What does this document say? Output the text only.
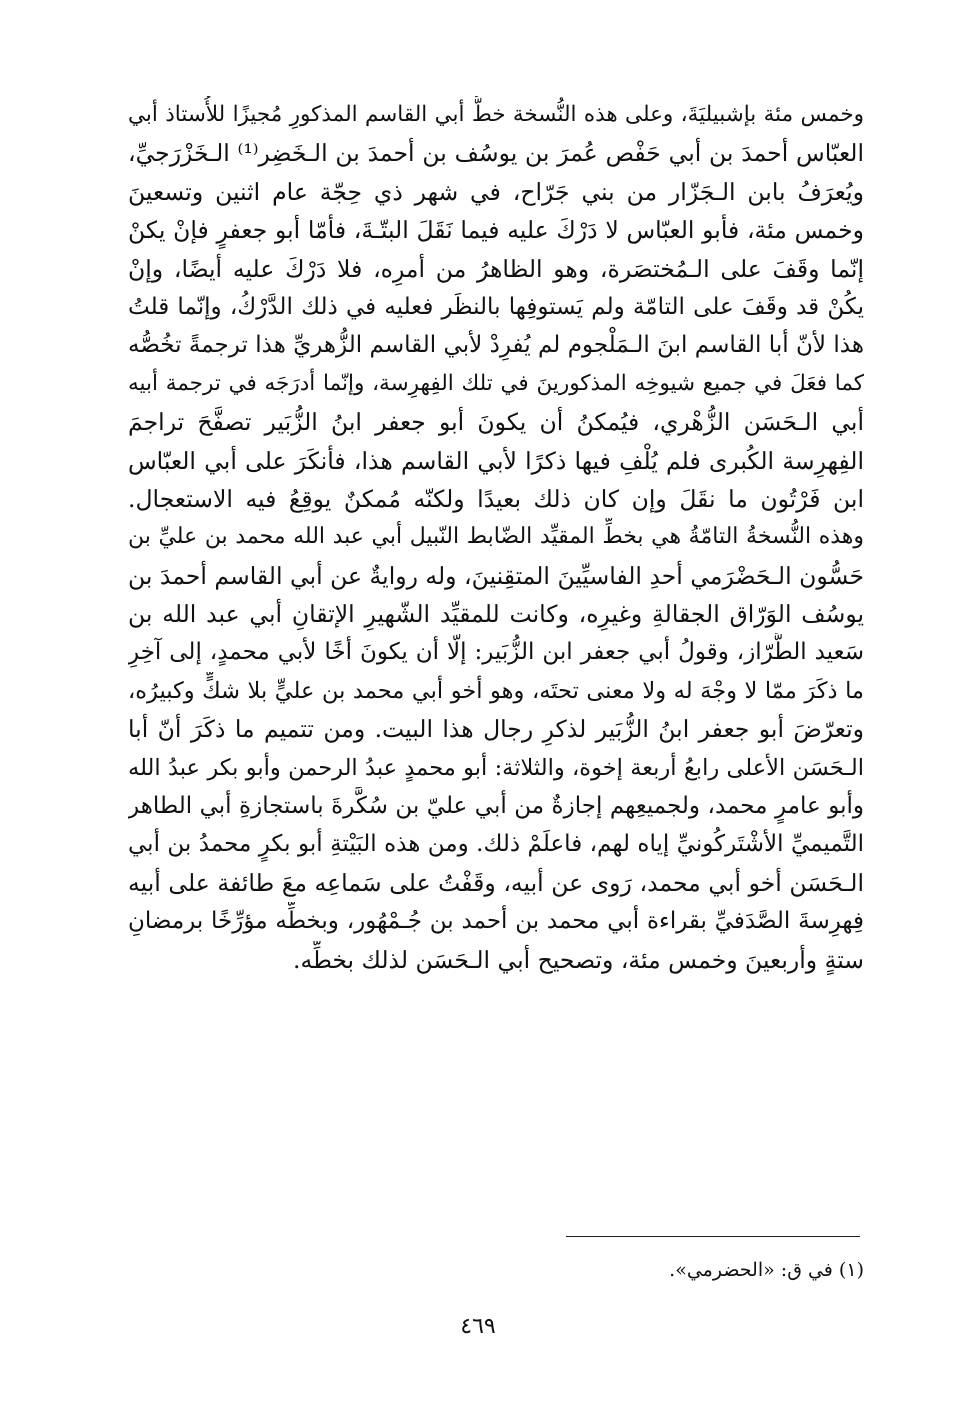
وخمس مئة بإشبيليَةَ، وعلى هذه النُّسخة خطُّ أبي القاسم المذكورِ مُجيزًا للأُستاذ أبي
العبّاس أحمدَ بن أبي حَفْص عُمرَ بن يوسُف بن أحمدَ بن الـخَضِر⁽¹⁾ الـخَزْرَجيِّ،
ويُعرَفُ بابن الـجَزّار من بني جَرّاح، في شهر ذي حِجّة عام اثنين وتسعينَ
وخمس مئة، فأبو العبّاس لا دَرْكَ عليه فيما نَقَلَ البتّـةَ، فأمّا أبو جعفرٍ فإنْ يكنْ
إنّما وقَفَ على الـمُختصَرة، وهو الظاهرُ من أمرِه، فلا دَرْكَ عليه أيضًا، وإنْ
يكُنْ قد وقَفَ على التامّة ولم يَستوفِها بالنظَر فعليه في ذلك الدَّرْكُ، وإنّما قلتُ
هذا لأنّ أبا القاسم ابنَ الـمَلْجوم لم يُفرِدْ لأبي القاسم الزُّهريِّ هذا ترجمةً تخُصُّه
كما فعَلَ في جميع شيوخِه المذكورينَ في تلك الفِهرِسة، وإنّما أدرَجَه في ترجمة أبيه
أبي الـحَسَن الزُّهْري، فيُمكنُ أن يكونَ أبو جعفر ابنُ الزُّبَير تصفَّحَ تراجمَ
الفِهرِسة الكُبرى فلم يُلْفِ فيها ذكرًا لأبي القاسم هذا، فأنكَرَ على أبي العبّاس
ابن فَرْتُون ما نقَلَ وإن كان ذلك بعيدًا ولكنّه مُمكنٌ يوقِعُ فيه الاستعجال.
وهذه النُّسخةُ التامّةُ هي بخطِّ المقيِّد الضّابط النّبيل أبي عبد الله محمد بن عليِّ بن
حَسُّون الـحَضْرَمي أحدِ الفاسيِّينَ المتقِنينَ، وله روايةٌ عن أبي القاسم أحمدَ بن
يوسُف الوَرّاق الجقالةِ وغيرِه، وكانت للمقيِّد الشّهيرِ الإتقانِ أبي عبد الله بن
سَعيد الطَّرّاز، وقولُ أبي جعفر ابن الزُّبَير: إلّا أن يكونَ أخًا لأبي محمدٍ، إلى آخِرِ
ما ذكَرَ ممّا لا وجْهَ له ولا معنى تحتَه، وهو أخو أبي محمد بن عليٍّ بلا شكٍّ وكبيرُه،
وتعرّضَ أبو جعفر ابنُ الزُّبَير لذكرِ رجال هذا البيت. ومن تتميم ما ذكَرَ أنّ أبا
الـحَسَن الأعلى رابعُ أربعة إخوة، والثلاثة: أبو محمدٍ عبدُ الرحمن وأبو بكر عبدُ الله
وأبو عامرٍ محمد، ولجميعِهم إجازةٌ من أبي عليّ بن سُكَّرةَ باستجازةِ أبي الطاهر
التَّميميِّ الأشْتَركُونيِّ إياه لهم، فاعلَمْ ذلك. ومن هذه البَيْتةِ أبو بكرٍ محمدُ بن أبي
الـحَسَن أخو أبي محمد، رَوى عن أبيه، وقَفْتُ على سَماعِه معَ طائفة على أبيه
فِهرِسةَ الصَّدَفيِّ بقراءة أبي محمد بن أحمد بن جُـمْهُور، وبخطِّه مؤرِّخًا برمضانِ
ستةٍ وأربعينَ وخمس مئة، وتصحيح أبي الـحَسَن لذلك بخطِّه.
(١) في ق: «الحضرمي».
٤٦٩
